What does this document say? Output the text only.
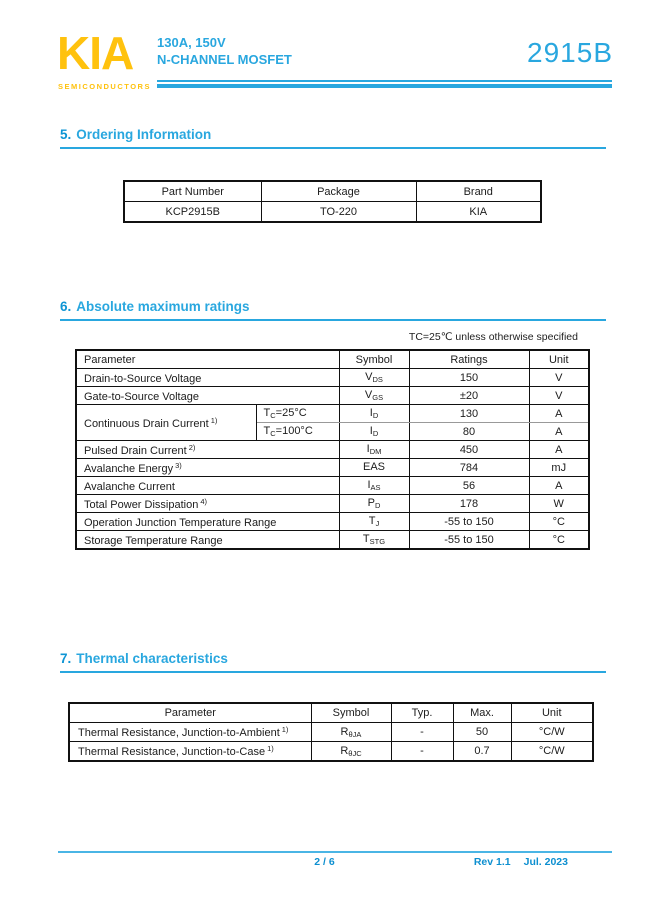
KIA
SEMICONDUCTORS
130A, 150V
N-CHANNEL MOSFET	2915B
5. Ordering Information
Part Number	Package	Brand
KCP2915B	TO-220	KIA
6. Absolute maximum ratings
TC=25℃ unless otherwise specified
Parameter		Symbol	Ratings	Unit
Drain-to-Source Voltage		$V_{DS}$	150	V
Gate-to-Source Voltage		$V_{GS}$	±20	V
Continuous Drain Current $^{1)}$	$T_C=25^\circ C$	$I_D$	130	A
	$T_C=100^\circ C$	$I_D$	80	A
Pulsed Drain Current $^{2)}$		$I_{DM}$	450	A
Avalanche Energy $^{3)}$		EAS	784	mJ
Avalanche Current		$I_{AS}$	56	A
Total Power Dissipation $^{4)}$		$P_D$	178	W
Operation Junction Temperature Range		$T_J$	-55 to 150	°C
Storage Temperature Range		$T_{STG}$	-55 to 150	°C
7. Thermal characteristics
Parameter	Symbol	Typ.	Max.	Unit
Thermal Resistance, Junction-to-Ambient $^{1)}$	$R_{\theta JA}$	-	50	°C/W
Thermal Resistance, Junction-to-Case $^{1)}$	$R_{\theta JC}$	-	0.7	°C/W
2 / 6	Rev 1.1 Jul. 2023
